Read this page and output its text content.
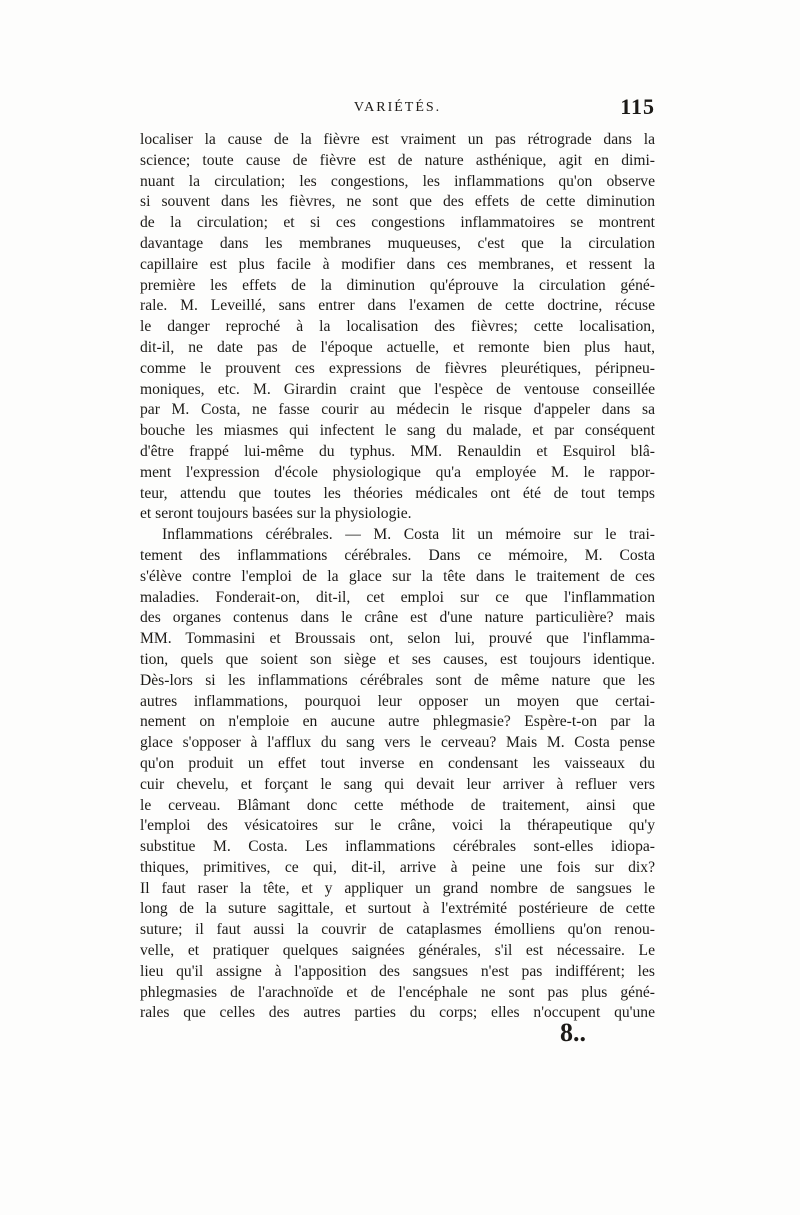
VARIÉTÉS.	115
localiser la cause de la fièvre est vraiment un pas rétrograde dans la
science; toute cause de fièvre est de nature asthénique, agit en dimi-
nuant la circulation; les congestions, les inflammations qu'on observe
si souvent dans les fièvres, ne sont que des effets de cette diminution
de la circulation; et si ces congestions inflammatoires se montrent
davantage dans les membranes muqueuses, c'est que la circulation
capillaire est plus facile à modifier dans ces membranes, et ressent la
première les effets de la diminution qu'éprouve la circulation géné-
rale. M. Leveillé, sans entrer dans l'examen de cette doctrine, récuse
le danger reproché à la localisation des fièvres; cette localisation,
dit-il, ne date pas de l'époque actuelle, et remonte bien plus haut,
comme le prouvent ces expressions de fièvres pleurétiques, péripneu-
moniques, etc. M. Girardin craint que l'espèce de ventouse conseillée
par M. Costa, ne fasse courir au médecin le risque d'appeler dans sa
bouche les miasmes qui infectent le sang du malade, et par conséquent
d'être frappé lui-même du typhus. MM. Renauldin et Esquirol blâ-
ment l'expression d'école physiologique qu'a employée M. le rappor-
teur, attendu que toutes les théories médicales ont été de tout temps
et seront toujours basées sur la physiologie.
Inflammations cérébrales. — M. Costa lit un mémoire sur le trai-
tement des inflammations cérébrales. Dans ce mémoire, M. Costa
s'élève contre l'emploi de la glace sur la tête dans le traitement de ces
maladies. Fonderait-on, dit-il, cet emploi sur ce que l'inflammation
des organes contenus dans le crâne est d'une nature particulière? mais
MM. Tommasini et Broussais ont, selon lui, prouvé que l'inflamma-
tion, quels que soient son siège et ses causes, est toujours identique.
Dès-lors si les inflammations cérébrales sont de même nature que les
autres inflammations, pourquoi leur opposer un moyen que certai-
nement on n'emploie en aucune autre phlegmasie? Espère-t-on par la
glace s'opposer à l'afflux du sang vers le cerveau? Mais M. Costa pense
qu'on produit un effet tout inverse en condensant les vaisseaux du
cuir chevelu, et forçant le sang qui devait leur arriver à refluer vers
le cerveau. Blâmant donc cette méthode de traitement, ainsi que
l'emploi des vésicatoires sur le crâne, voici la thérapeutique qu'y
substitue M. Costa. Les inflammations cérébrales sont-elles idiopa-
thiques, primitives, ce qui, dit-il, arrive à peine une fois sur dix?
Il faut raser la tête, et y appliquer un grand nombre de sangsues le
long de la suture sagittale, et surtout à l'extrémité postérieure de cette
suture; il faut aussi la couvrir de cataplasmes émolliens qu'on renou-
velle, et pratiquer quelques saignées générales, s'il est nécessaire. Le
lieu qu'il assigne à l'apposition des sangsues n'est pas indifférent; les
phlegmasies de l'arachnoïde et de l'encéphale ne sont pas plus géné-
rales que celles des autres parties du corps; elles n'occupent qu'une
8..
